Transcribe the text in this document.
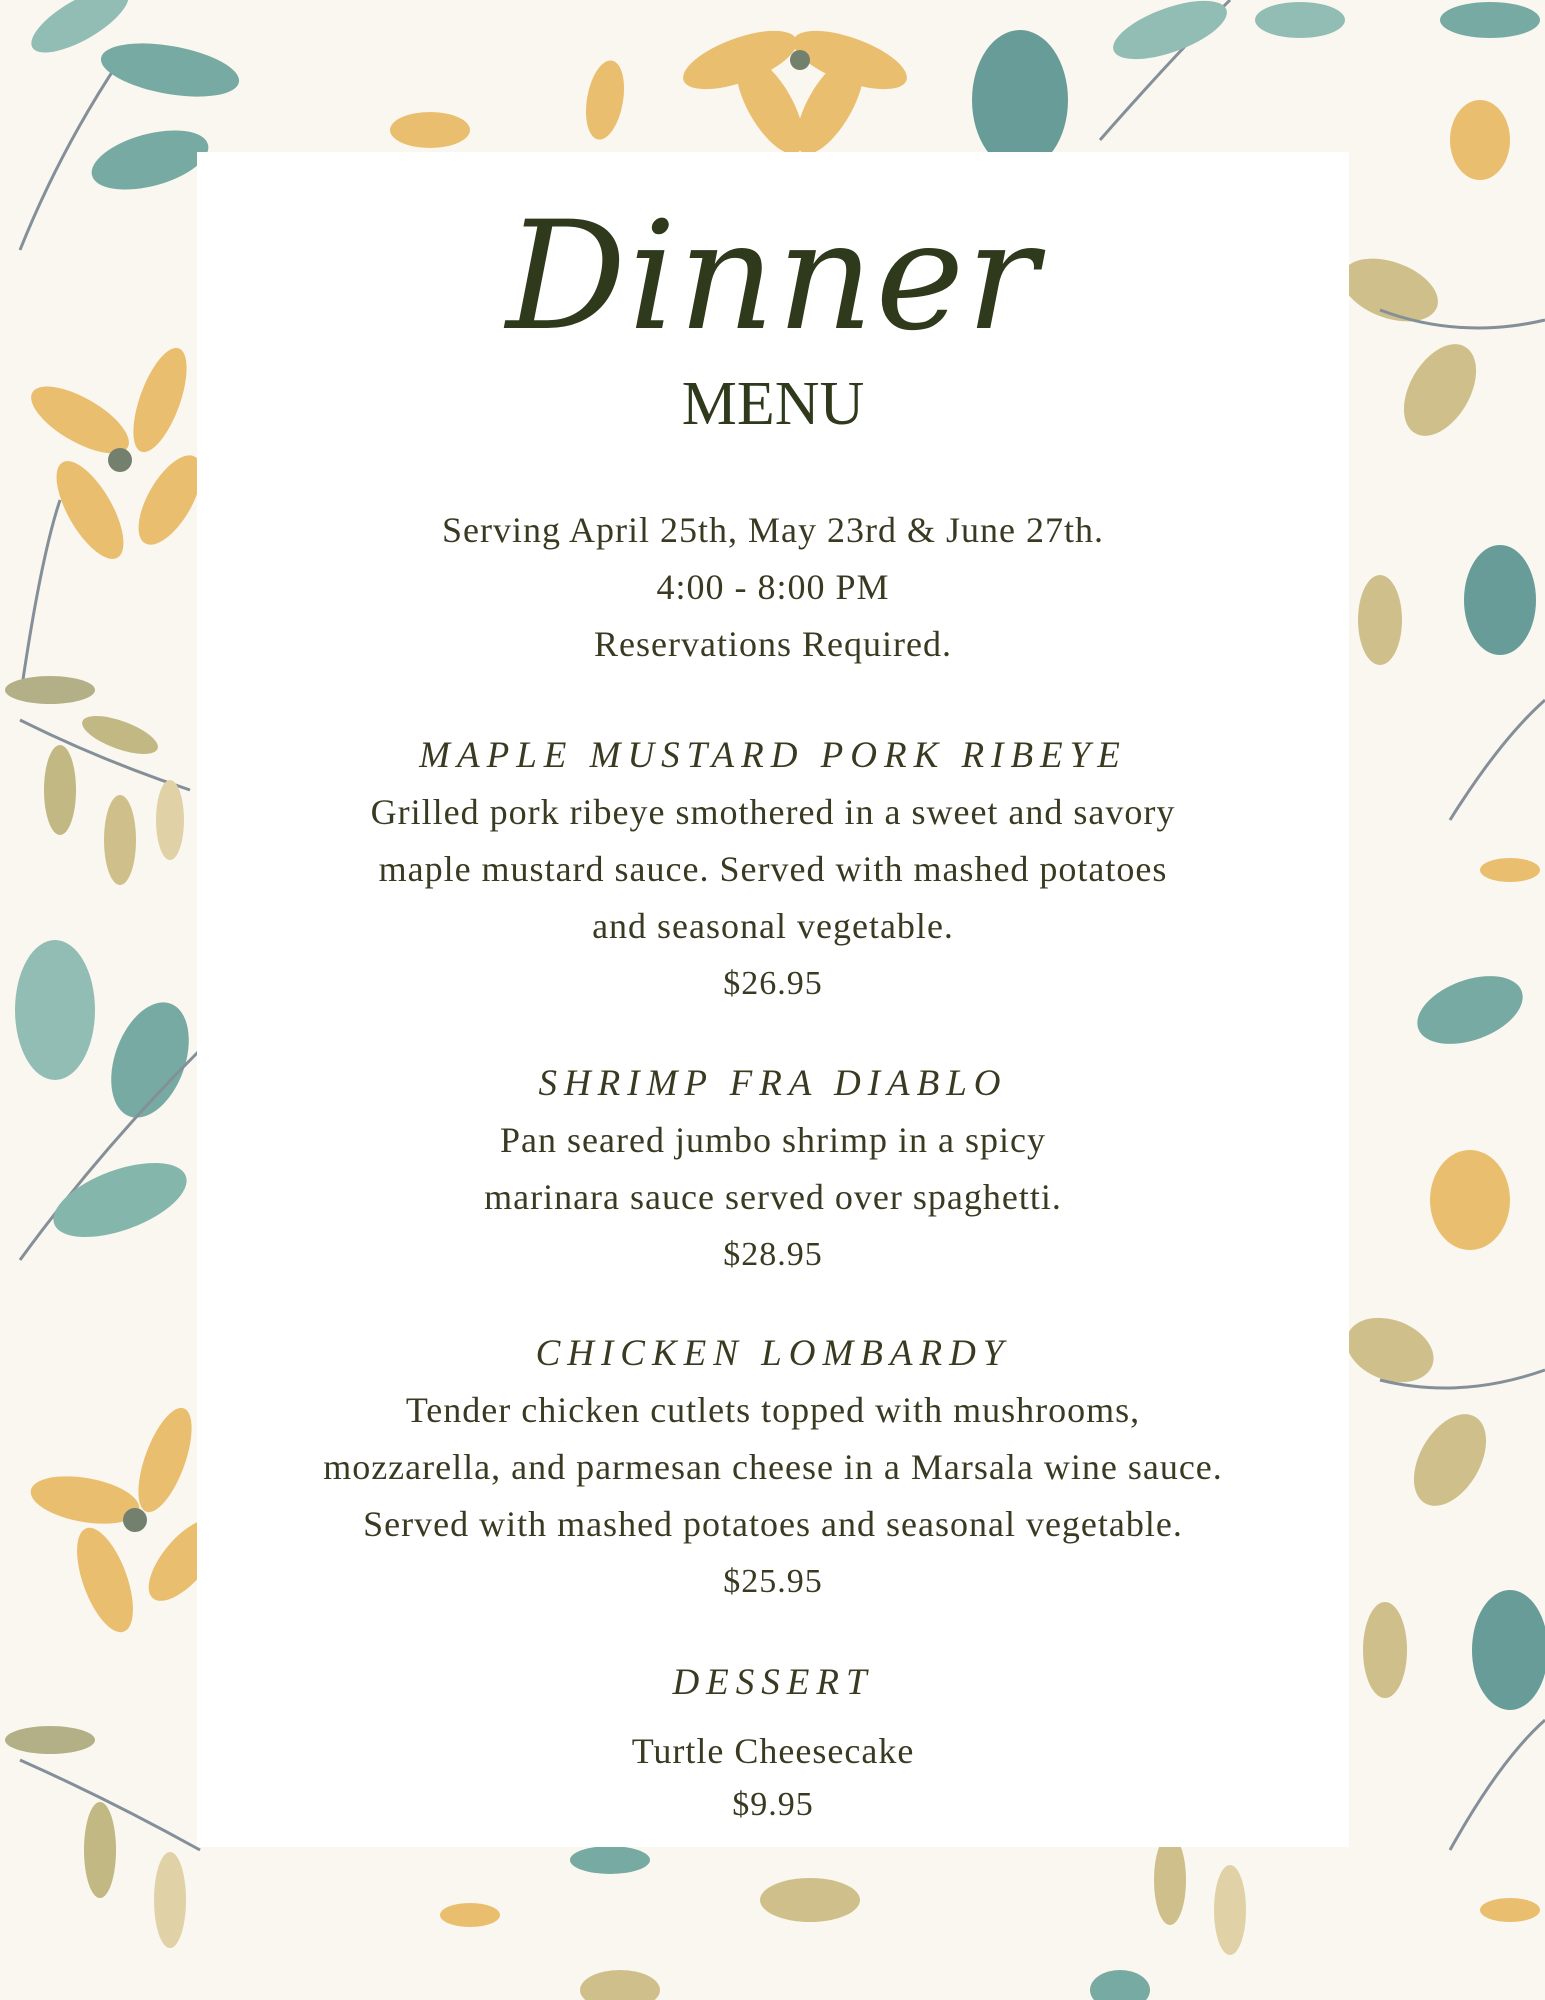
Dinner
MENU
Serving April 25th, May 23rd & June 27th.
4:00 - 8:00 PM
Reservations Required.
MAPLE MUSTARD PORK RIBEYE
Grilled pork ribeye smothered in a sweet and savory
maple mustard sauce. Served with mashed potatoes
and seasonal vegetable.
$26.95
SHRIMP FRA DIABLO
Pan seared jumbo shrimp in a spicy
marinara sauce served over spaghetti.
$28.95
CHICKEN LOMBARDY
Tender chicken cutlets topped with mushrooms,
mozzarella, and parmesan cheese in a Marsala wine sauce.
Served with mashed potatoes and seasonal vegetable.
$25.95
DESSERT
Turtle Cheesecake
$9.95
